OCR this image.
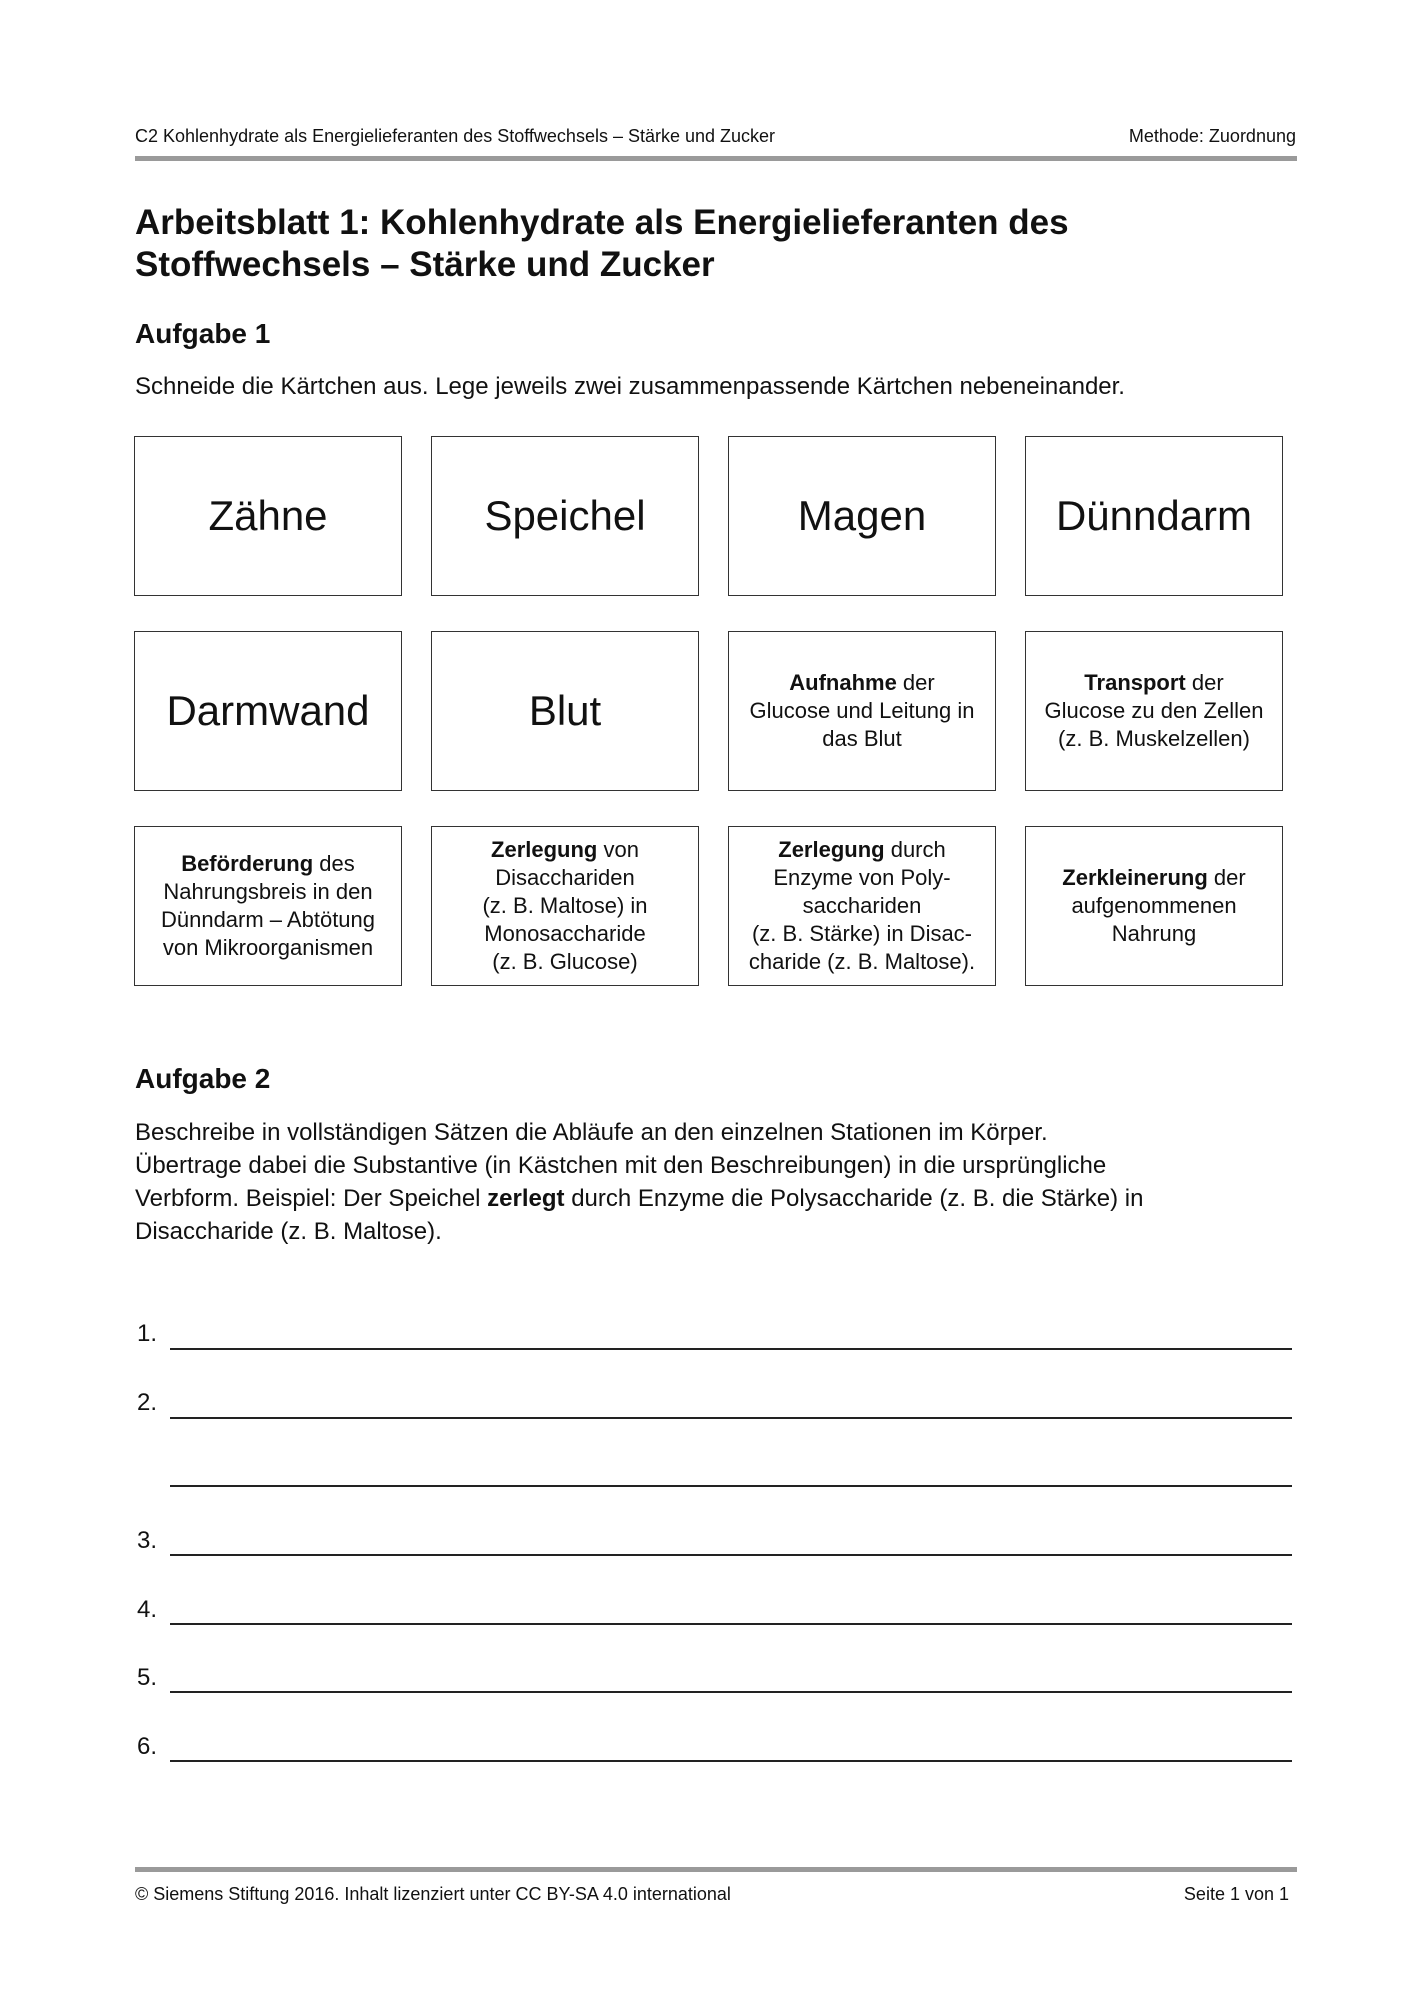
C2 Kohlenhydrate als Energielieferanten des Stoffwechsels – Stärke und Zucker	Methode: Zuordnung
Arbeitsblatt 1: Kohlenhydrate als Energielieferanten des
Stoffwechsels – Stärke und Zucker
Aufgabe 1
Schneide die Kärtchen aus. Lege jeweils zwei zusammenpassende Kärtchen nebeneinander.
Zähne	Speichel	Magen	Dünndarm
Darmwand	Blut
Aufnahme der
Glucose und Leitung in
das Blut
Transport der
Glucose zu den Zellen
(z. B. Muskelzellen)
Beförderung des
Nahrungsbreis in den
Dünndarm – Abtötung
von Mikroorganismen
Zerlegung von
Disacchariden
(z. B. Maltose) in
Monosaccharide
(z. B. Glucose)
Zerlegung durch
Enzyme von Poly-
sacchariden
(z. B. Stärke) in Disac-
charide (z. B. Maltose).
Zerkleinerung der
aufgenommenen
Nahrung
Aufgabe 2
Beschreibe in vollständigen Sätzen die Abläufe an den einzelnen Stationen im Körper.
Übertrage dabei die Substantive (in Kästchen mit den Beschreibungen) in die ursprüngliche
Verbform. Beispiel: Der Speichel zerlegt durch Enzyme die Polysaccharide (z. B. die Stärke) in
Disaccharide (z. B. Maltose).
1.
2.
3.
4.
5.
6.
© Siemens Stiftung 2016. Inhalt lizenziert unter CC BY-SA 4.0 international	Seite 1 von 1
